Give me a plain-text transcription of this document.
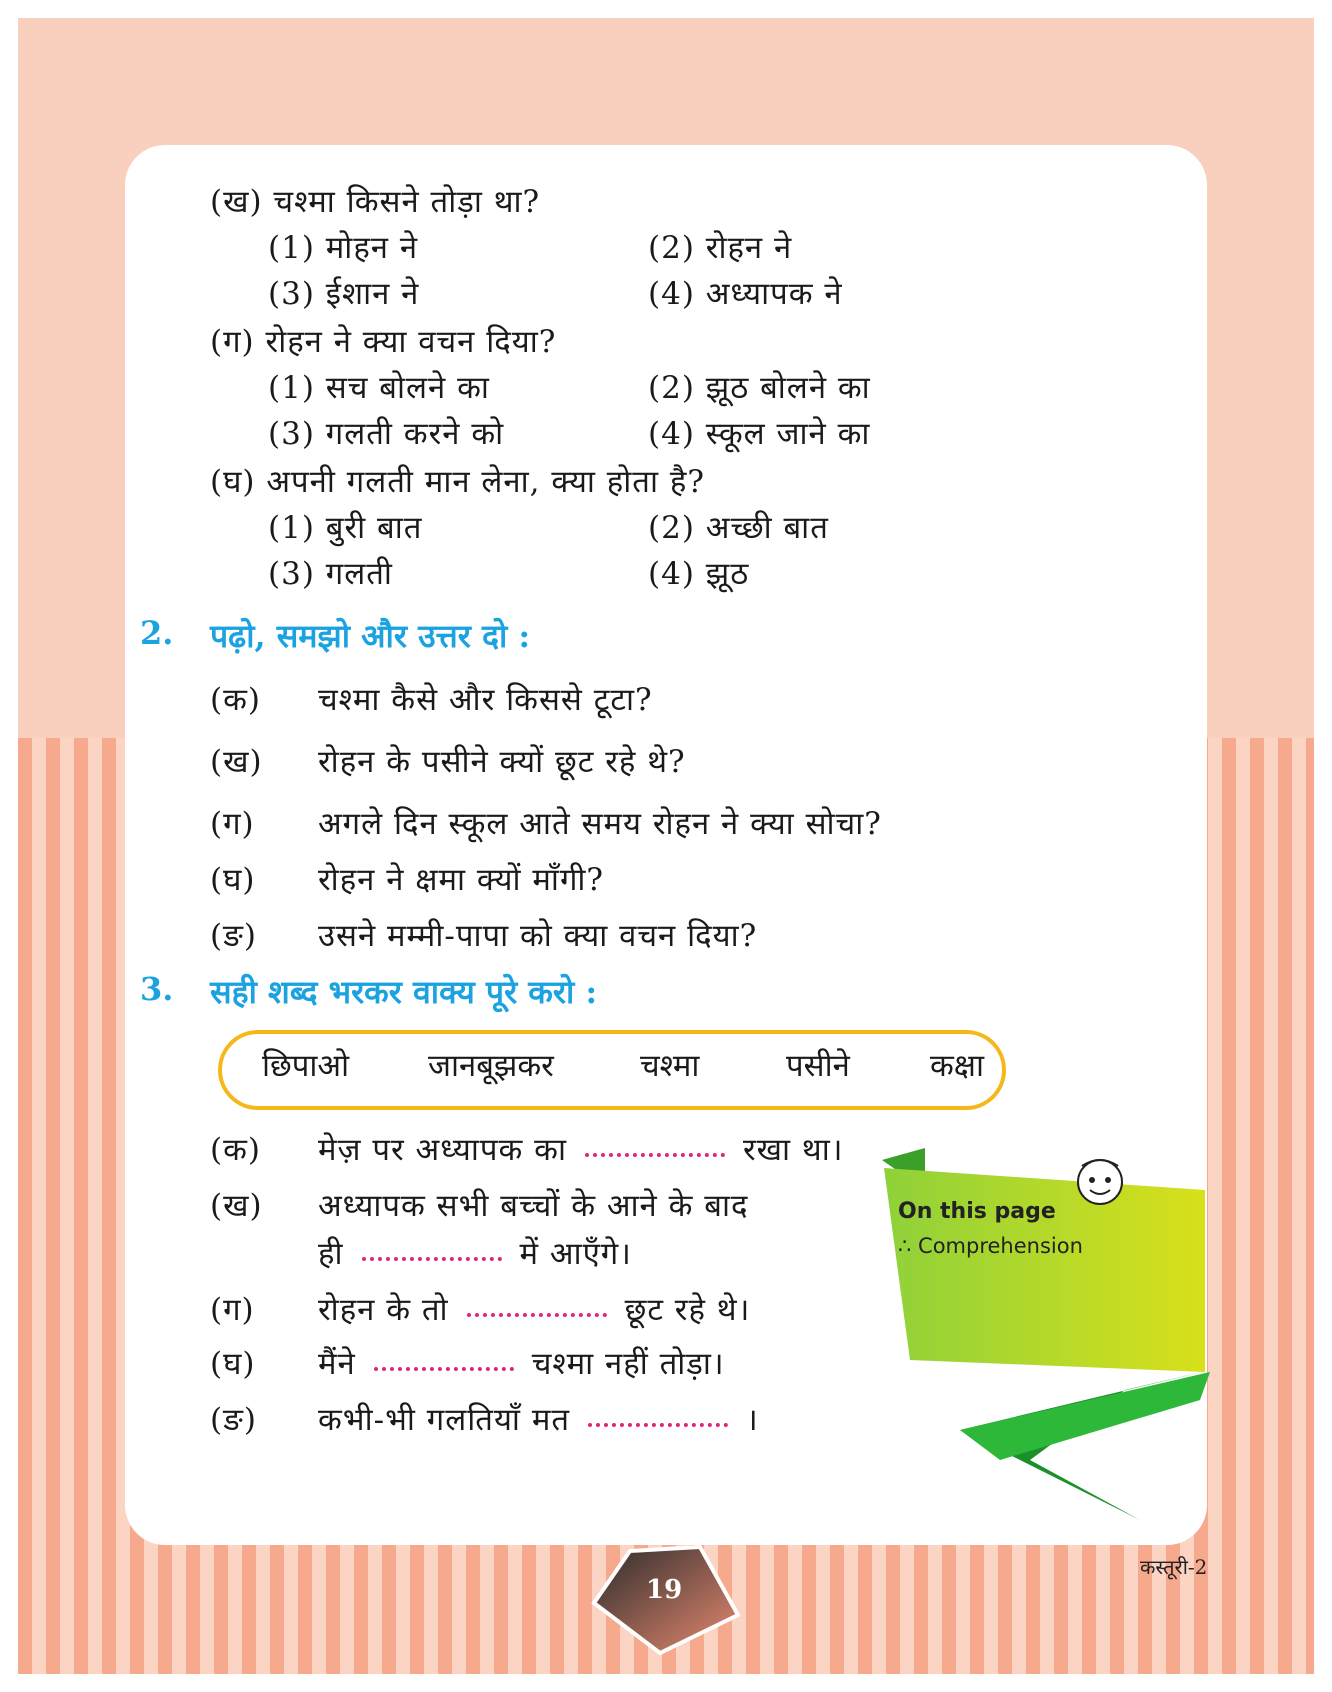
(ख) चश्मा किसने तोड़ा था?
(1) मोहन ने	(2) रोहन ने
(3) ईशान ने	(4) अध्यापक ने
(ग) रोहन ने क्या वचन दिया?
(1) सच बोलने का	(2) झूठ बोलने का
(3) गलती करने को	(4) स्कूल जाने का
(घ) अपनी गलती मान लेना, क्या होता है?
(1) बुरी बात	(2) अच्छी बात
(3) गलती	(4) झूठ
2. पढ़ो, समझो और उत्तर दो :
(क) चश्मा कैसे और किससे टूटा?
(ख) रोहन के पसीने क्यों छूट रहे थे?
(ग) अगले दिन स्कूल आते समय रोहन ने क्या सोचा?
(घ) रोहन ने क्षमा क्यों माँगी?
(ङ) उसने मम्मी-पापा को क्या वचन दिया?
3. सही शब्द भरकर वाक्य पूरे करो :
छिपाओ	जानबूझकर	चश्मा	पसीने	कक्षा
(क) मेज़ पर अध्यापक का	रखा था।
(ख) अध्यापक सभी बच्चों के आने के बाद
ही	में आएँगे।
(ग) रोहन के तो	छूट रहे थे।
(घ) मैंने	चश्मा नहीं तोड़ा।
(ङ) कभी-भी गलतियाँ मत	।
On this page
∴ Comprehension
19
कस्तूरी-2
